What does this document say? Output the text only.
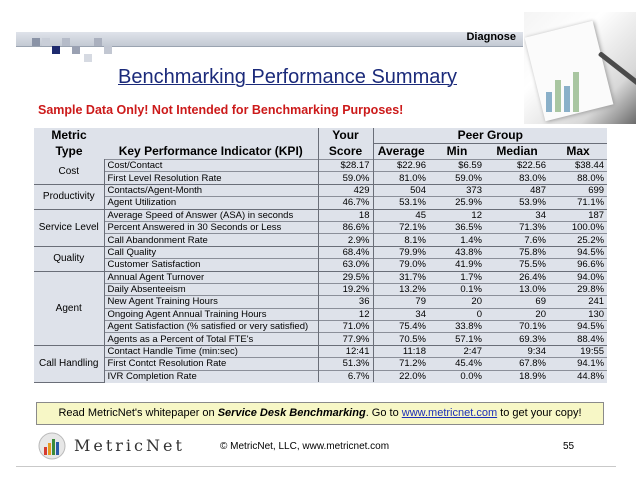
Diagnose
Benchmarking Performance Summary
Sample Data Only! Not Intended for Benchmarking Purposes!
Metric		Your	Peer Group			
Type	Key Performance Indicator (KPI)	Score	Average	Min	Median	Max
Cost	Cost/Contact	$28.17	$22.96	$6.59	$22.56	$38.44
	First Level Resolution Rate	59.0%	81.0%	59.0%	83.0%	88.0%
Productivity	Contacts/Agent-Month	429	504	373	487	699
	Agent Utilization	46.7%	53.1%	25.9%	53.9%	71.1%
Service Level	Average Speed of Answer (ASA) in seconds	18	45	12	34	187
	Percent Answered in 30 Seconds or Less	86.6%	72.1%	36.5%	71.3%	100.0%
	Call Abandonment Rate	2.9%	8.1%	1.4%	7.6%	25.2%
Quality	Call Quality	68.4%	79.9%	43.8%	75.8%	94.5%
	Customer Satisfaction	63.0%	79.0%	41.9%	75.5%	96.6%
Agent	Annual Agent Turnover	29.5%	31.7%	1.7%	26.4%	94.0%
	Daily Absenteeism	19.2%	13.2%	0.1%	13.0%	29.8%
	New Agent Training Hours	36	79	20	69	241
	Ongoing Agent Annual Training Hours	12	34	0	20	130
	Agent Satisfaction (% satisfied or very satisfied)	71.0%	75.4%	33.8%	70.1%	94.5%
	Agents as a Percent of Total FTE's	77.9%	70.5%	57.1%	69.3%	88.4%
Call Handling	Contact Handle Time (min:sec)	12:41	11:18	2:47	9:34	19:55
	First Contct Resolution Rate	51.3%	71.2%	45.4%	67.8%	94.1%
	IVR Completion Rate	6.7%	22.0%	0.0%	18.9%	44.8%
Read MetricNet's whitepaper on Service Desk Benchmarking. Go to www.metricnet.com to get your copy!
MetricNet	© MetricNet, LLC, www.metricnet.com	55
